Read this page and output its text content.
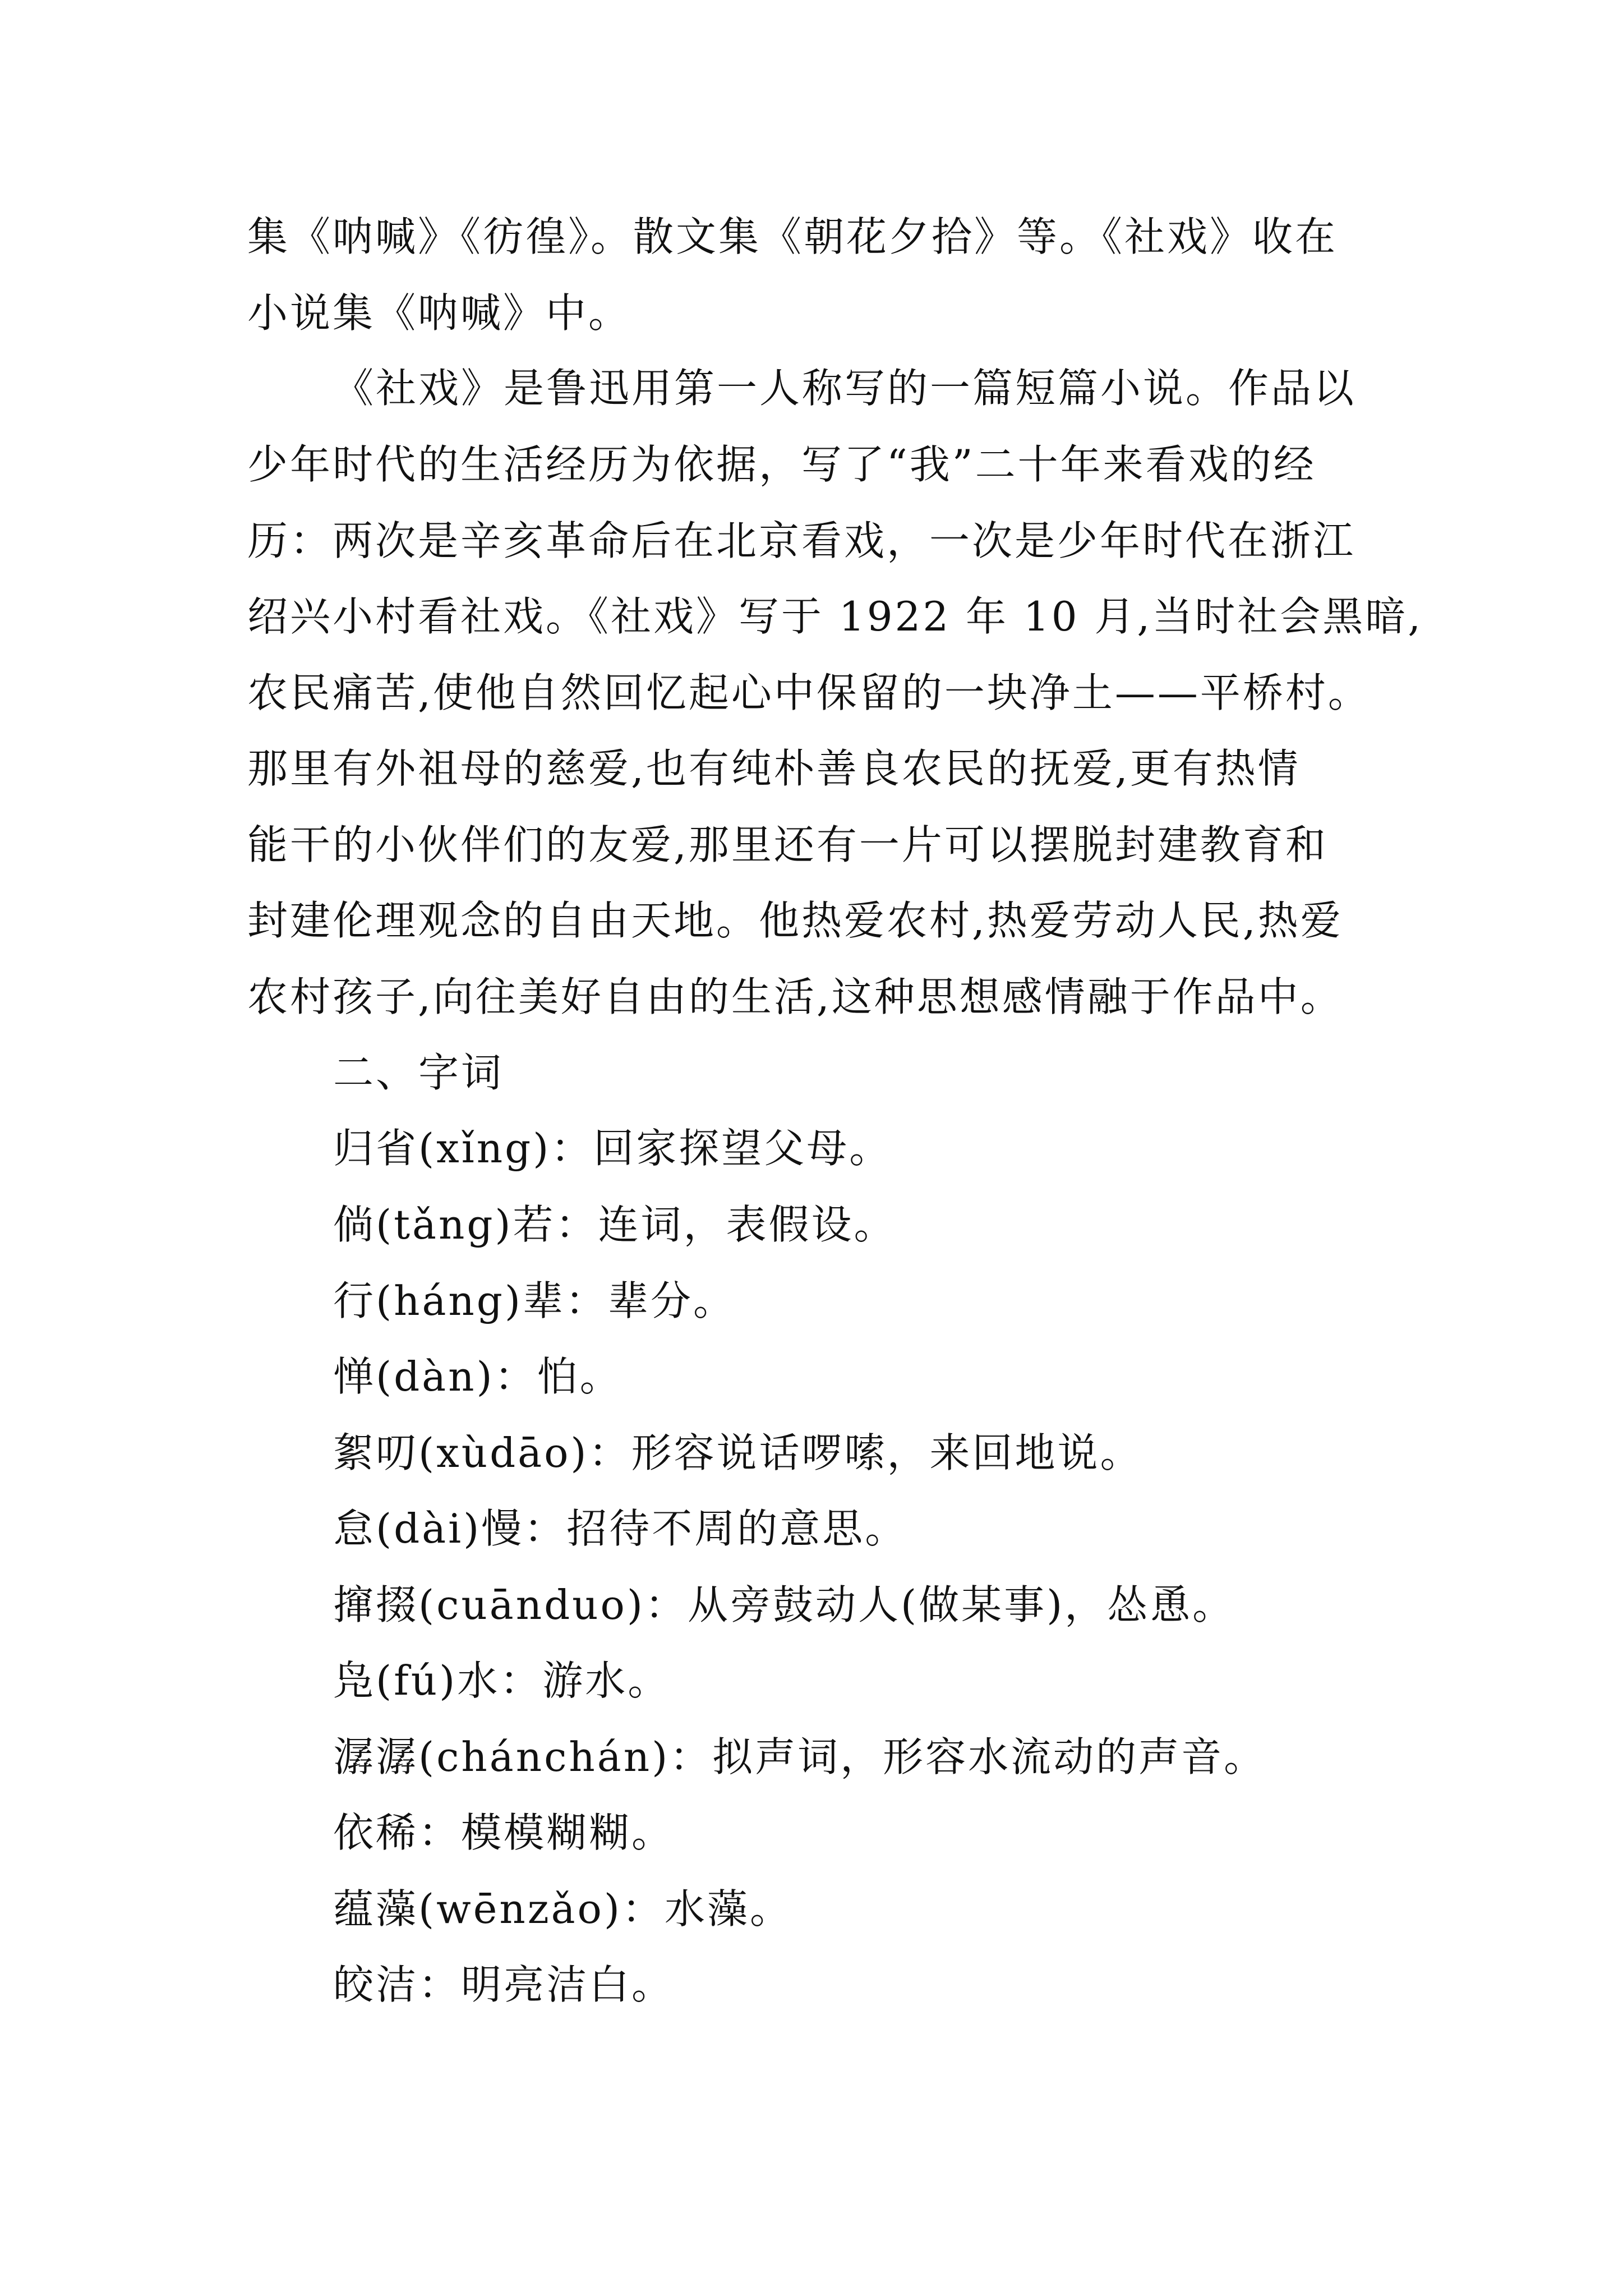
集《呐喊》《彷徨》。散文集《朝花夕拾》等。《社戏》收在
小说集《呐喊》中。
《社戏》是鲁迅用第一人称写的一篇短篇小说。作品以
少年时代的生活经历为依据，写了“我”二十年来看戏的经
历：两次是辛亥革命后在北京看戏，一次是少年时代在浙江
绍兴小村看社戏。《社戏》写于 1922 年 10 月,当时社会黑暗,
农民痛苦,使他自然回忆起心中保留的一块净土——平桥村。
那里有外祖母的慈爱,也有纯朴善良农民的抚爱,更有热情
能干的小伙伴们的友爱,那里还有一片可以摆脱封建教育和
封建伦理观念的自由天地。他热爱农村,热爱劳动人民,热爱
农村孩子,向往美好自由的生活,这种思想感情融于作品中。
二、字词
归省(xǐng)：回家探望父母。
倘(tǎng)若：连词，表假设。
行(háng)辈：辈分。
惮(dàn)：怕。
絮叨(xùdāo)：形容说话啰嗦，来回地说。
怠(dài)慢：招待不周的意思。
撺掇(cuānduo)：从旁鼓动人(做某事)，怂恿。
凫(fú)水：游水。
潺潺(chánchán)：拟声词，形容水流动的声音。
依稀：模模糊糊。
蕴藻(wēnzǎo)：水藻。
皎洁：明亮洁白。
